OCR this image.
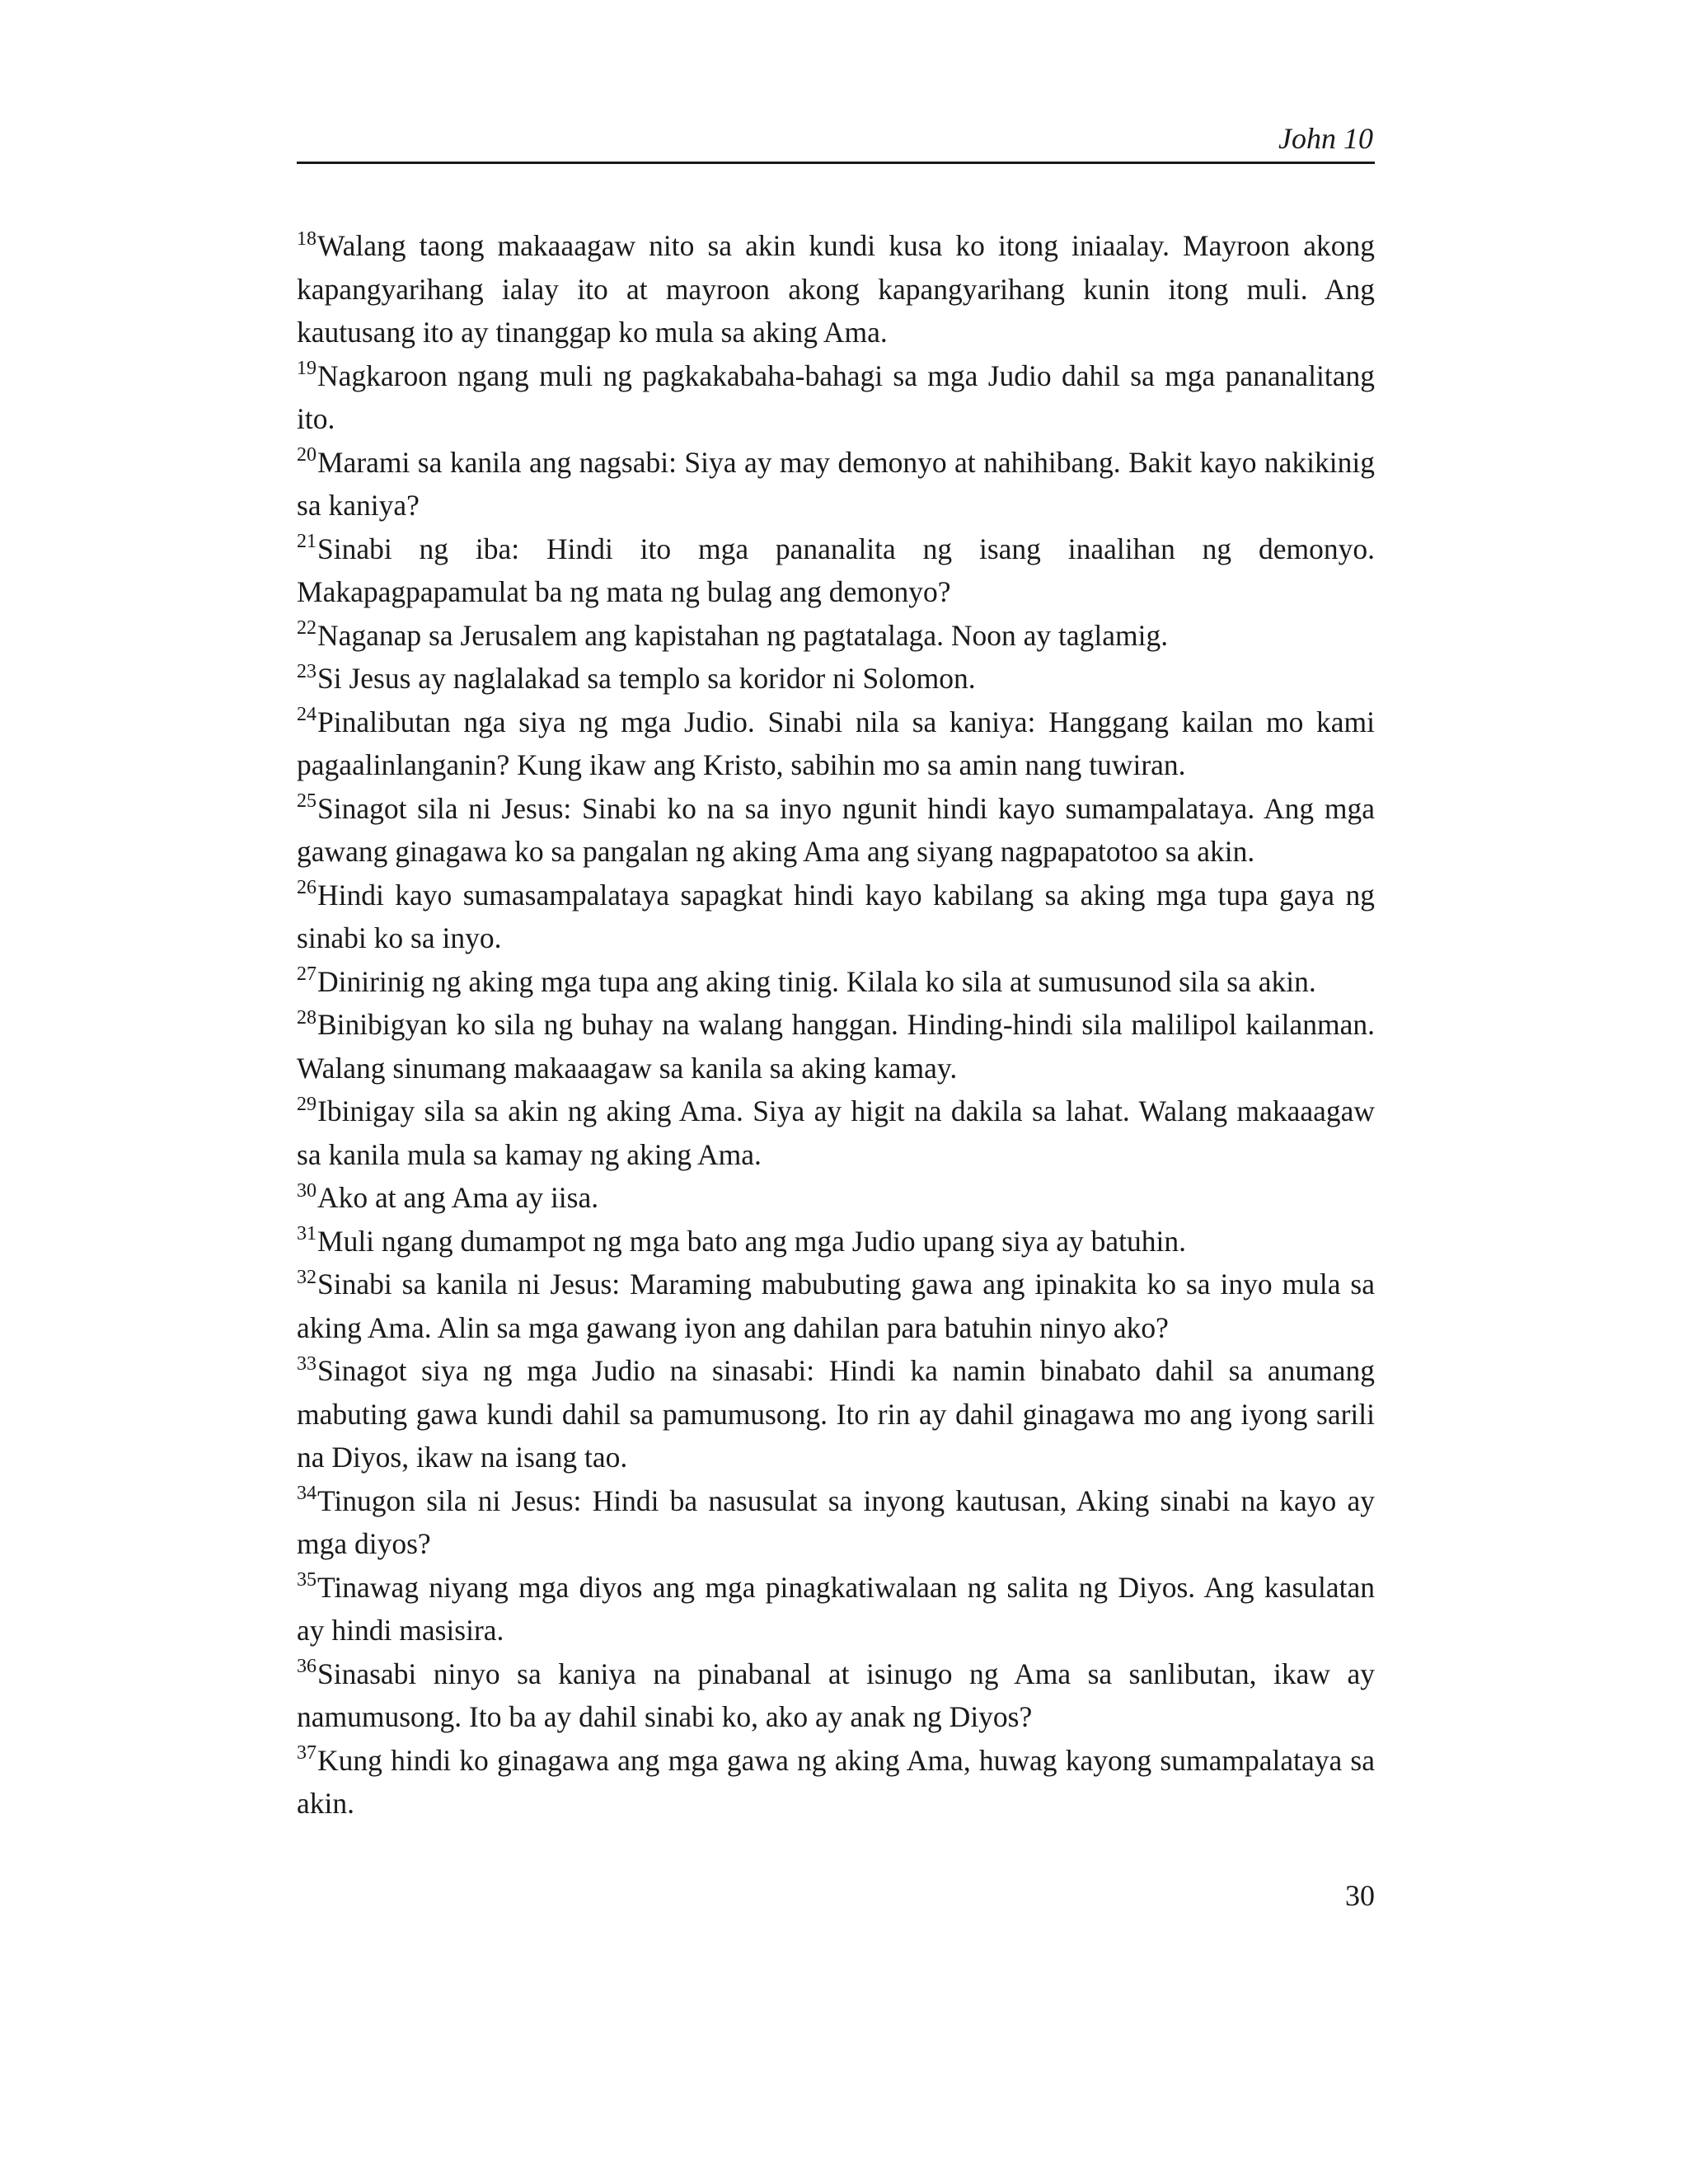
John 10

$^{18}$Walang taong makaaagaw nito sa akin kundi kusa ko itong iniaalay. Mayroon akong kapangyarihang ialay ito at mayroon akong kapangyarihang kunin itong muli. Ang kautusang ito ay tinanggap ko mula sa aking Ama.

$^{19}$Nagkaroon ngang muli ng pagkakabaha-bahagi sa mga Judio dahil sa mga pananalitang ito.

$^{20}$Marami sa kanila ang nagsabi: Siya ay may demonyo at nahihibang. Bakit kayo nakikinig sa kaniya?

$^{21}$Sinabi ng iba: Hindi ito mga pananalita ng isang inaalihan ng demonyo. Makapagpapamulat ba ng mata ng bulag ang demonyo?

$^{22}$Naganap sa Jerusalem ang kapistahan ng pagtatalaga. Noon ay taglamig.

$^{23}$Si Jesus ay naglalakad sa templo sa koridor ni Solomon.

$^{24}$Pinalibutan nga siya ng mga Judio. Sinabi nila sa kaniya: Hanggang kailan mo kami pagaalinlanganin? Kung ikaw ang Kristo, sabihin mo sa amin nang tuwiran.

$^{25}$Sinagot sila ni Jesus: Sinabi ko na sa inyo ngunit hindi kayo sumampalataya. Ang mga gawang ginagawa ko sa pangalan ng aking Ama ang siyang nagpapatotoo sa akin.

$^{26}$Hindi kayo sumasampalataya sapagkat hindi kayo kabilang sa aking mga tupa gaya ng sinabi ko sa inyo.

$^{27}$Dinirinig ng aking mga tupa ang aking tinig. Kilala ko sila at sumusunod sila sa akin.

$^{28}$Binibigyan ko sila ng buhay na walang hanggan. Hinding-hindi sila malilipol kailanman. Walang sinumang makaaagaw sa kanila sa aking kamay.

$^{29}$Ibinigay sila sa akin ng aking Ama. Siya ay higit na dakila sa lahat. Walang makaaagaw sa kanila mula sa kamay ng aking Ama.

$^{30}$Ako at ang Ama ay iisa.

$^{31}$Muli ngang dumampot ng mga bato ang mga Judio upang siya ay batuhin.

$^{32}$Sinabi sa kanila ni Jesus: Maraming mabubuting gawa ang ipinakita ko sa inyo mula sa aking Ama. Alin sa mga gawang iyon ang dahilan para batuhin ninyo ako?

$^{33}$Sinagot siya ng mga Judio na sinasabi: Hindi ka namin binabato dahil sa anumang mabuting gawa kundi dahil sa pamumusong. Ito rin ay dahil ginagawa mo ang iyong sarili na Diyos, ikaw na isang tao.

$^{34}$Tinugon sila ni Jesus: Hindi ba nasusulat sa inyong kautusan, Aking sinabi na kayo ay mga diyos?

$^{35}$Tinawag niyang mga diyos ang mga pinagkatiwalaan ng salita ng Diyos. Ang kasulatan ay hindi masisira.

$^{36}$Sinasabi ninyo sa kaniya na pinabanal at isinugo ng Ama sa sanlibutan, ikaw ay namumusong. Ito ba ay dahil sinabi ko, ako ay anak ng Diyos?

$^{37}$Kung hindi ko ginagawa ang mga gawa ng aking Ama, huwag kayong sumampalataya sa akin.

30
